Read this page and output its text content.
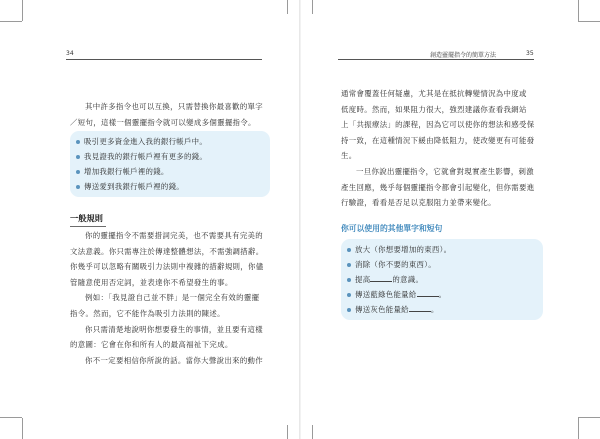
34
其中許多指令也可以互換，只需替換你最喜歡的單字
／短句，這樣一個靈擺指令就可以變成多個靈擺指令。
吸引更多資金進入我的銀行帳戶中。
我見證我的銀行帳戶裡有更多的錢。
增加我銀行帳戶裡的錢。
傳送愛到我銀行帳戶裡的錢。
一般規則
你的靈擺指令不需要措詞完美，也不需要具有完美的
文法意義。你只需專注於傳達整體想法，不需強調措辭。
你幾乎可以忽略有關吸引力法則中複雜的措辭規則，你儘
管隨意使用否定詞，並表達你不希望發生的事。
例如：「我見證自己並不胖」是一個完全有效的靈擺
指令。然而，它不能作為吸引力法則的陳述。
你只需清楚地說明你想要發生的事情，並且要有這樣
的意圖：它會在你和所有人的最高福祉下完成。
你不一定要相信你所說的話。當你大聲說出來的動作
創造靈擺指令的簡單方法	35
通常會覆蓋任何疑慮，尤其是在抵抗轉變情況為中度或
低度時。然而，如果阻力很大，強烈建議你查看我網站
上「共振療法」的課程，因為它可以使你的想法和感受保
持一致，在這種情況下緩由降低阻力，使改變更有可能發
生。
一旦你說出靈擺指令，它就會對現實產生影響，刺激
產生回應，幾乎每個靈擺指令都會引起變化，但你需要進
行驗證，看看是否足以克服阻力並帶來變化。
你可以使用的其他單字和短句
放大（你想要增加的東西）。
消除（你不要的東西）。
提高	的意識。
傳送藍綠色能量給	。
傳送灰色能量給	。
